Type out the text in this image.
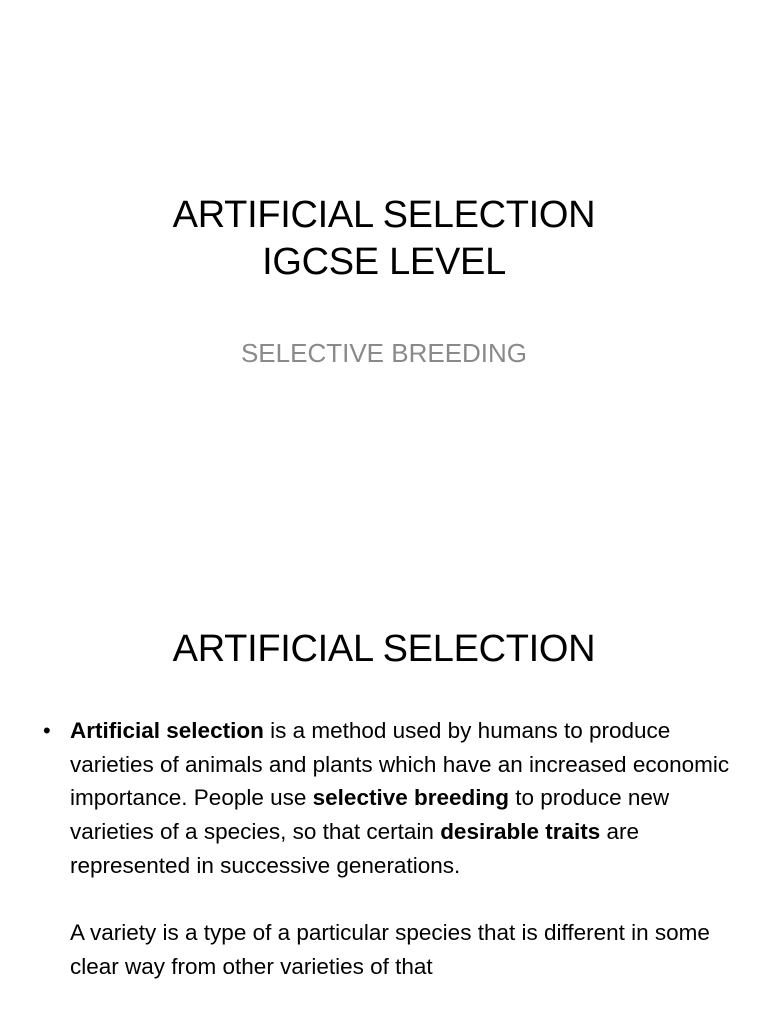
ARTIFICIAL SELECTION
IGCSE LEVEL
SELECTIVE BREEDING
ARTIFICIAL SELECTION
• Artificial selection is a method used by humans to produce varieties of animals and plants which have an increased economic importance. People use selective breeding to produce new varieties of a species, so that certain desirable traits are represented in successive generations.

A variety is a type of a particular species that is different in some clear way from other varieties of that
